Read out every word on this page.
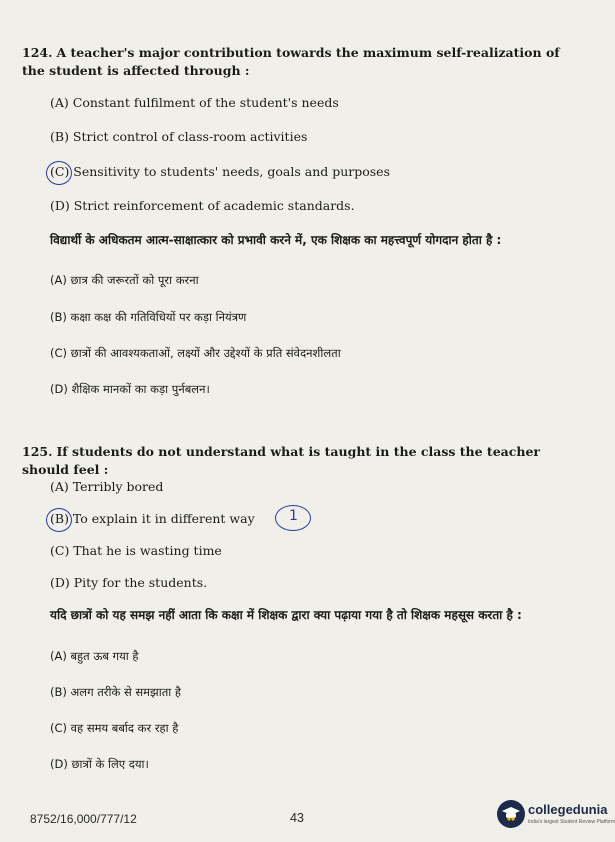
124. A teacher's major contribution towards the maximum self-realization of the student is affected through :
(A) Constant fulfilment of the student's needs
(B) Strict control of class-room activities
(C) Sensitivity to students' needs, goals and purposes
(D) Strict reinforcement of academic standards.
विद्यार्थी के अधिकतम आत्म-साक्षात्कार को प्रभावी करने में, एक शिक्षक का महत्त्वपूर्ण योगदान होता है :
(A) छात्र की जरूरतों को पूरा करना
(B) कक्षा कक्ष की गतिविधियों पर कड़ा नियंत्रण
(C) छात्रों की आवश्यकताओं, लक्ष्यों और उद्देश्यों के प्रति संवेदनशीलता
(D) शैक्षिक मानकों का कड़ा पुर्नबलन।
125. If students do not understand what is taught in the class the teacher should feel :
(A) Terribly bored
(B) To explain it in different way	1
(C) That he is wasting time
(D) Pity for the students.
यदि छात्रों को यह समझ नहीं आता कि कक्षा में शिक्षक द्वारा क्या पढ़ाया गया है तो शिक्षक महसूस करता है :
(A) बहुत ऊब गया है
(B) अलग तरीके से समझाता है
(C) वह समय बर्बाद कर रहा है
(D) छात्रों के लिए दया।
8752/16,000/777/12	43
collegedunia
India's largest Student Review Platform
